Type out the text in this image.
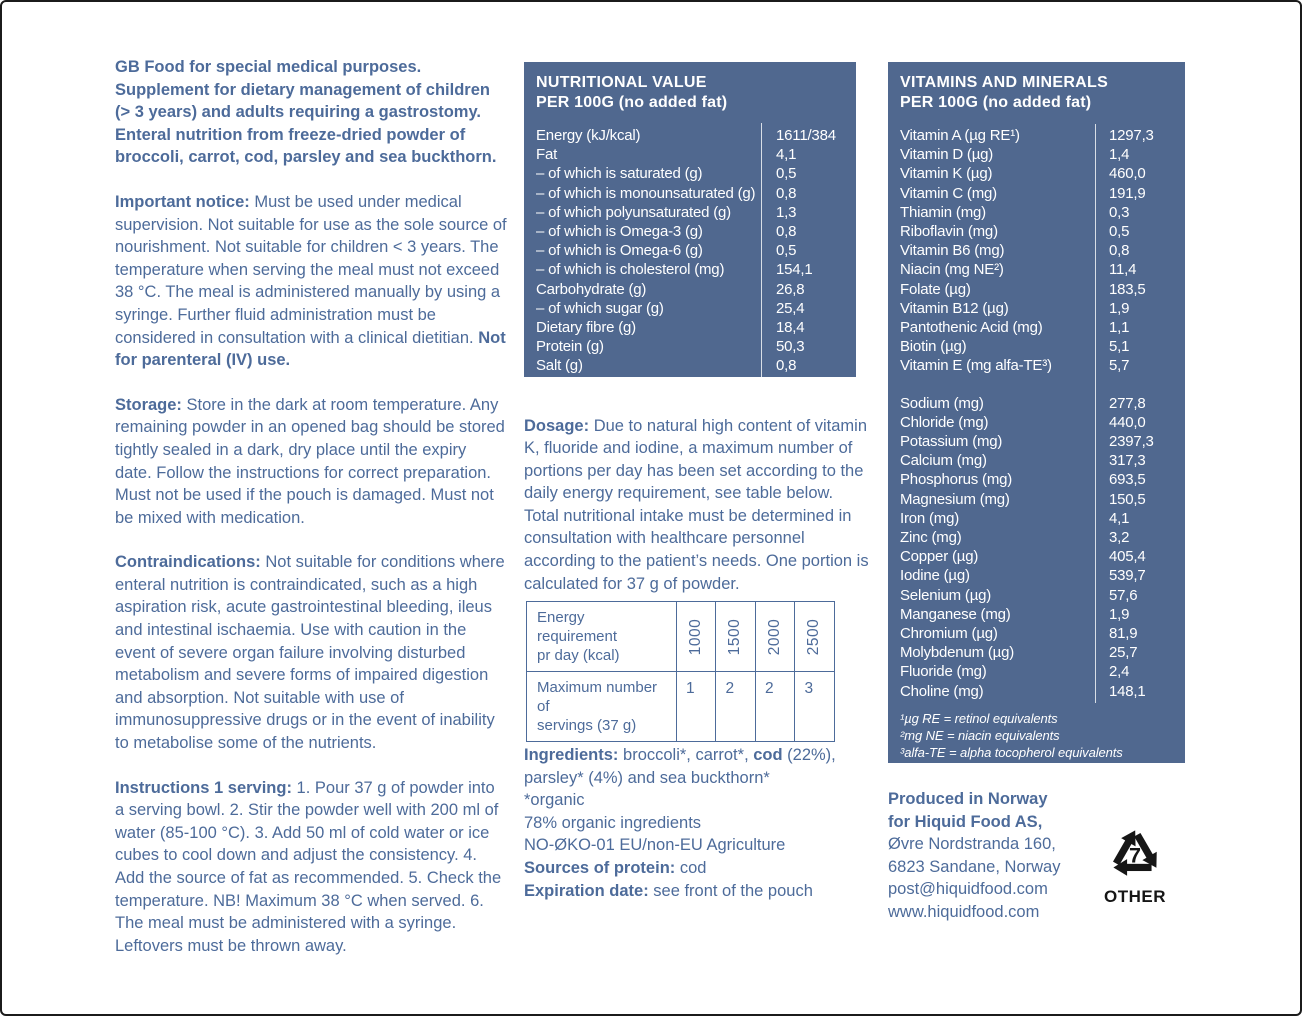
GB Food for special medical purposes. Supplement for dietary management of children (> 3 years) and adults requiring a gastrostomy. Enteral nutrition from freeze-dried powder of broccoli, carrot, cod, parsley and sea buckthorn.

Important notice: Must be used under medical supervision. Not suitable for use as the sole source of nourishment. Not suitable for children < 3 years. The temperature when serving the meal must not exceed 38 °C. The meal is administered manually by using a syringe. Further fluid administration must be considered in consultation with a clinical dietitian. Not for parenteral (IV) use.

Storage: Store in the dark at room temperature. Any remaining powder in an opened bag should be stored tightly sealed in a dark, dry place until the expiry date. Follow the instructions for correct preparation. Must not be used if the pouch is damaged. Must not be mixed with medication.

Contraindications: Not suitable for conditions where enteral nutrition is contraindicated, such as a high aspiration risk, acute gastrointestinal bleeding, ileus and intestinal ischaemia. Use with caution in the event of severe organ failure involving disturbed metabolism and severe forms of impaired digestion and absorption. Not suitable with use of immunosuppressive drugs or in the event of inability to metabolise some of the nutrients.

Instructions 1 serving: 1. Pour 37 g of powder into a serving bowl. 2. Stir the powder well with 200 ml of water (85-100 °C). 3. Add 50 ml of cold water or ice cubes to cool down and adjust the consistency. 4. Add the source of fat as recommended. 5. Check the temperature. NB! Maximum 38 °C when served. 6. The meal must be administered with a syringe. Leftovers must be thrown away.

NUTRITIONAL VALUE
PER 100G (no added fat)
Energy (kJ/kcal)	1611/384
Fat	4,1
– of which is saturated (g)	0,5
– of which is monounsaturated (g)	0,8
– of which polyunsaturated (g)	1,3
– of which is Omega-3 (g)	0,8
– of which is Omega-6 (g)	0,5
– of which is cholesterol (mg)	154,1
Carbohydrate (g)	26,8
– of which sugar (g)	25,4
Dietary fibre (g)	18,4
Protein (g)	50,3
Salt (g)	0,8

Dosage: Due to natural high content of vitamin K, fluoride and iodine, a maximum number of portions per day has been set according to the daily energy requirement, see table below. Total nutritional intake must be determined in consultation with healthcare personnel according to the patient’s needs. One portion is calculated for 37 g of powder.

Energy requirement
pr day (kcal)	1000	1500	2000	2500

Maximum number of
servings (37 g)	1	2	2	3
Ingredients: broccoli*, carrot*, cod (22%),
parsley* (4%) and sea buckthorn*
*organic
78% organic ingredients
NO-ØKO-01 EU/non-EU Agriculture
Sources of protein: cod
Expiration date: see front of the pouch
VITAMINS AND MINERALS
PER 100G (no added fat)
Vitamin A (µg RE¹)	1297,3
Vitamin D (µg)	1,4
Vitamin K (µg)	460,0
Vitamin C (mg)	191,9
Thiamin (mg)	0,3
Riboflavin (mg)	0,5
Vitamin B6 (mg)	0,8
Niacin (mg NE²)	11,4
Folate (µg)	183,5
Vitamin B12 (µg)	1,9
Pantothenic Acid (mg)	1,1
Biotin (µg)	5,1
Vitamin E (mg alfa-TE³)	5,7
Sodium (mg)	277,8
Chloride (mg)	440,0
Potassium (mg)	2397,3
Calcium (mg)	317,3
Phosphorus (mg)	693,5
Magnesium (mg)	150,5
Iron (mg)	4,1
Zinc (mg)	3,2
Copper (µg)	405,4
Iodine (µg)	539,7
Selenium (µg)	57,6
Manganese (mg)	1,9
Chromium (µg)	81,9
Molybdenum (µg)	25,7
Fluoride (mg)	2,4
Choline (mg)	148,1
¹µg RE = retinol equivalents
²mg NE = niacin equivalents
³alfa-TE = alpha tocopherol equivalents
Produced in Norway
for Hiquid Food AS,
Øvre Nordstranda 160,
6823 Sandane, Norway
post@hiquidfood.com
www.hiquidfood.com
7
OTHER
